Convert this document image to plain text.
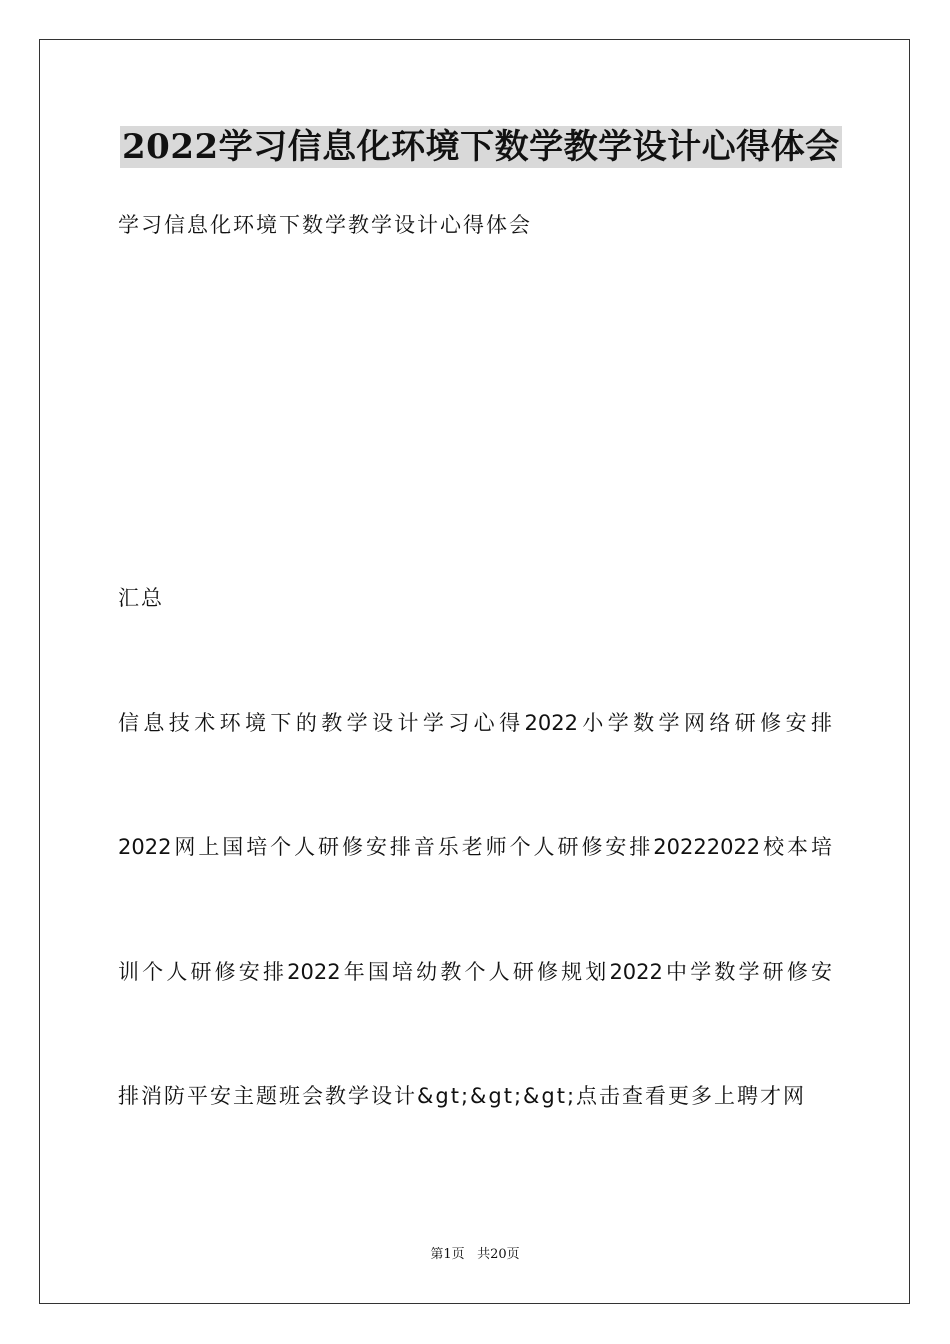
2022学习信息化环境下数学教学设计心得体会
学习信息化环境下数学教学设计心得体会
汇总
信息技术环境下的教学设计学习心得2022小学数学网络研修安排
2022网上国培个人研修安排音乐老师个人研修安排20222022校本培
训个人研修安排2022年国培幼教个人研修规划2022中学数学研修安
排消防平安主题班会教学设计&gt;&gt;&gt;点击查看更多上聘才网
第1页 共20页
